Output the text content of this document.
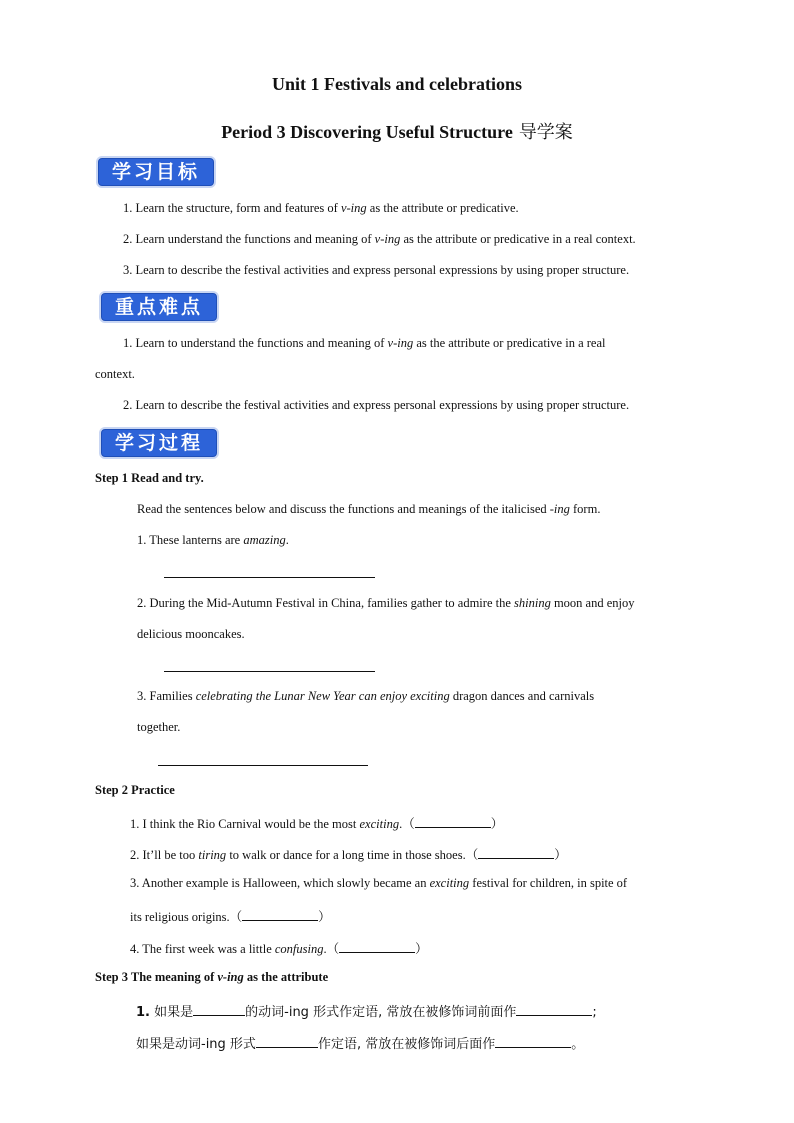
Unit 1 Festivals and celebrations
Period 3 Discovering Useful Structure 导学案
学习目标
1. Learn the structure, form and features of v-ing as the attribute or predicative.
2. Learn understand the functions and meaning of v-ing as the attribute or predicative in a real context.
3. Learn to describe the festival activities and express personal expressions by using proper structure.
重点难点
1. Learn to understand the functions and meaning of v-ing as the attribute or predicative in a real
context.
2. Learn to describe the festival activities and express personal expressions by using proper structure.
学习过程
Step 1 Read and try.
Read the sentences below and discuss the functions and meanings of the italicised -ing form.
1. These lanterns are amazing.
2. During the Mid-Autumn Festival in China, families gather to admire the shining moon and enjoy
delicious mooncakes.
3. Families celebrating the Lunar New Year can enjoy exciting dragon dances and carnivals
together.
Step 2 Practice
1. I think the Rio Carnival would be the most exciting.（	）
2. It’ll be too tiring to walk or dance for a long time in those shoes.（	）
3. Another example is Halloween, which slowly became an exciting festival for children, in spite of
its religious origins.（	）
4. The first week was a little confusing.（	）
Step 3 The meaning of v-ing as the attribute
1. 如果是	的动词-ing 形式作定语, 常放在被修饰词前面作	;
如果是动词-ing 形式	作定语, 常放在被修饰词后面作	。
